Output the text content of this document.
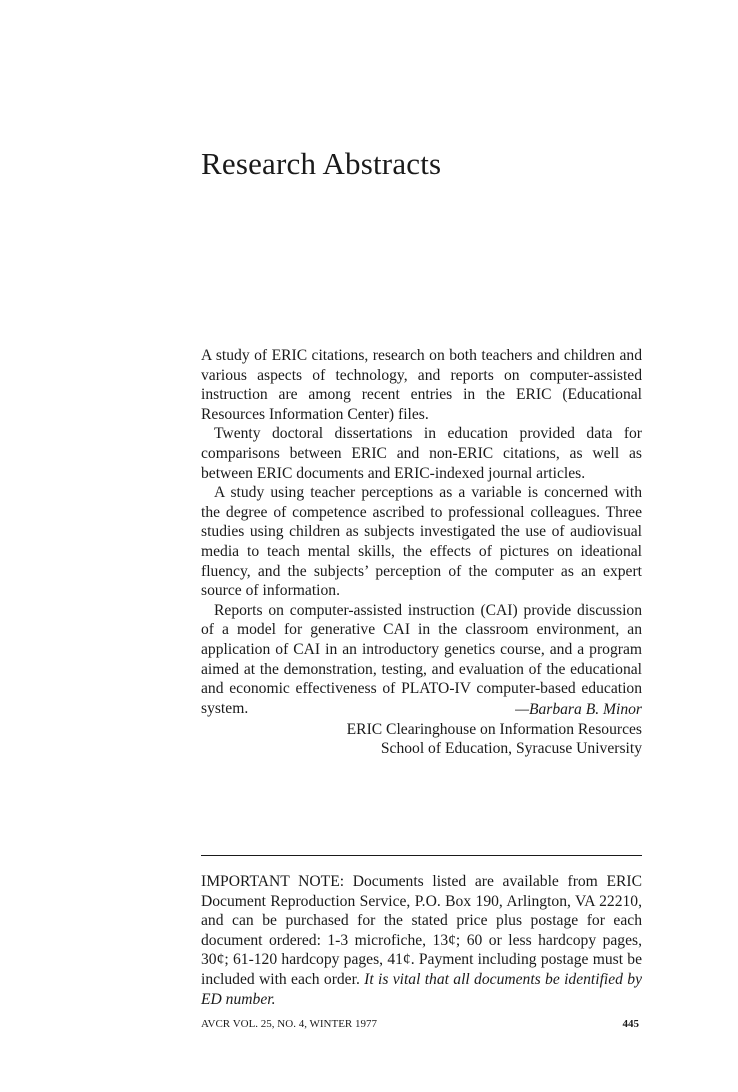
Research Abstracts

A study of ERIC citations, research on both teachers and children and various aspects of technology, and reports on computer-assisted instruction are among recent entries in the ERIC (Educational Resources Information Center) files.

Twenty doctoral dissertations in education provided data for comparisons between ERIC and non-ERIC citations, as well as between ERIC documents and ERIC-indexed journal articles.

A study using teacher perceptions as a variable is concerned with the degree of competence ascribed to professional colleagues. Three studies using children as subjects investigated the use of audiovisual media to teach mental skills, the effects of pictures on ideational fluency, and the subjects’ perception of the computer as an expert source of information.

Reports on computer-assisted instruction (CAI) provide discussion of a model for generative CAI in the classroom environment, an application of CAI in an introductory genetics course, and a program aimed at the demonstration, testing, and evaluation of the educational and economic effectiveness of PLATO-IV computer-based education system.	—Barbara B. Minor
ERIC Clearinghouse on Information Resources
School of Education, Syracuse University

IMPORTANT NOTE: Documents listed are available from ERIC Document Reproduction Service, P.O. Box 190, Arlington, VA 22210, and can be purchased for the stated price plus postage for each document ordered: 1-3 microfiche, 13¢; 60 or less hardcopy pages, 30¢; 61-120 hardcopy pages, 41¢. Payment including postage must be included with each order. It is vital that all documents be identified by ED number.

AVCR VOL. 25, NO. 4, WINTER 1977	445
